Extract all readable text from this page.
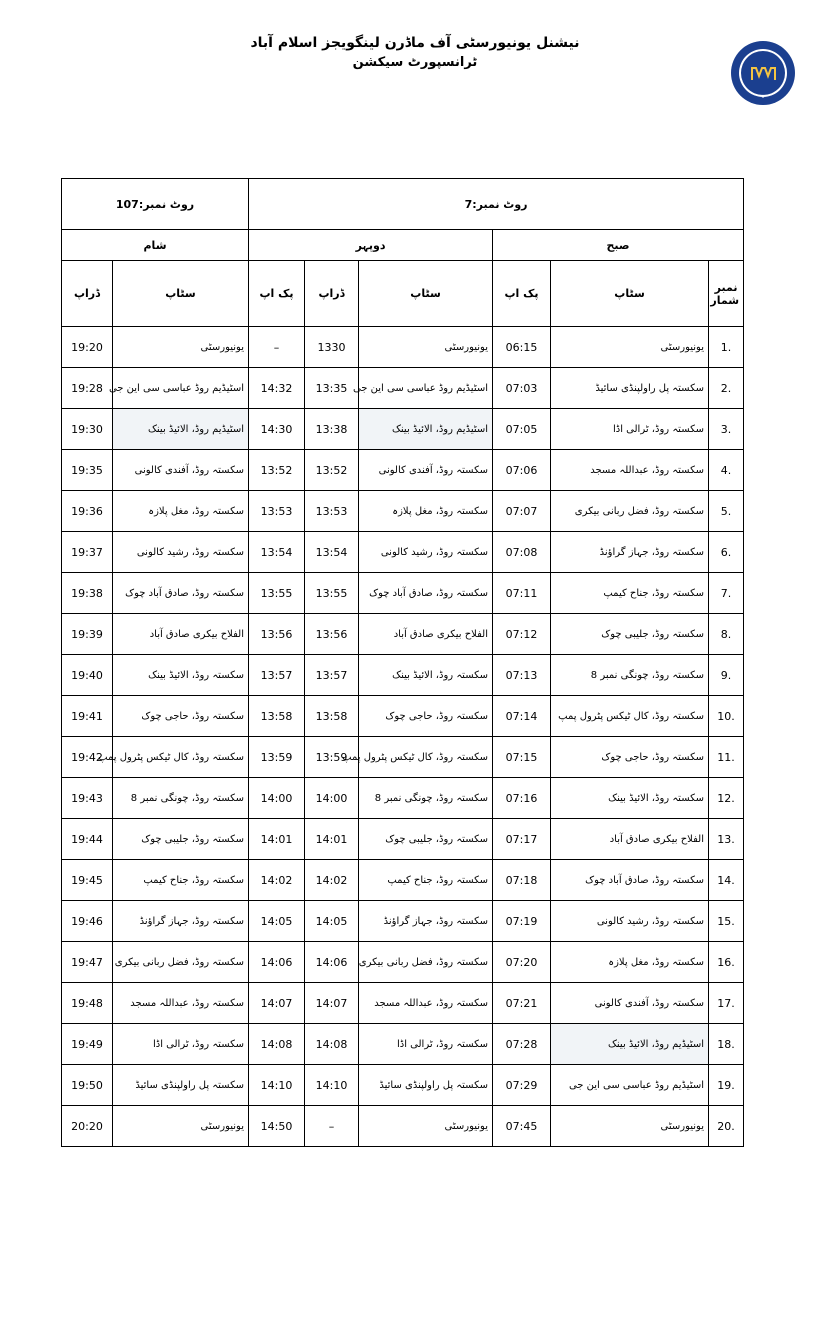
نیشنل یونیورسٹی آف ماڈرن لینگویجز اسلام آباد
ٹرانسپورٹ سیکشن
★
روٹ نمبر:107		روٹ نمبر:7					
شام		دوپہر			صبح		
ڈراپ	سٹاپ	پک اپ	ڈراپ	سٹاپ	پک اپ	سٹاپ	نمبر شمار
19:20	یونیورسٹی	–	1330	یونیورسٹی	06:15	یونیورسٹی	1.
19:28	اسٹیڈیم روڈ عباسی سی این جی	14:32	13:35	اسٹیڈیم روڈ عباسی سی این جی	07:03	سکستہ پل راولپنڈی سائیڈ	2.
19:30	اسٹیڈیم روڈ، الائیڈ بینک	14:30	13:38	اسٹیڈیم روڈ، الائیڈ بینک	07:05	سکستہ روڈ، ٹرالی اڈا	3.
19:35	سکستہ روڈ، آفندی کالونی	13:52	13:52	سکستہ روڈ، آفندی کالونی	07:06	سکستہ روڈ، عبداللہ مسجد	4.
19:36	سکستہ روڈ، مغل پلازہ	13:53	13:53	سکستہ روڈ، مغل پلازہ	07:07	سکستہ روڈ، فضل ربانی بیکری	5.
19:37	سکستہ روڈ، رشید کالونی	13:54	13:54	سکستہ روڈ، رشید کالونی	07:08	سکستہ روڈ، جہاز گراؤنڈ	6.
19:38	سکستہ روڈ، صادق آباد چوک	13:55	13:55	سکستہ روڈ، صادق آباد چوک	07:11	سکستہ روڈ، جناح کیمپ	7.
19:39	الفلاح بیکری صادق آباد	13:56	13:56	الفلاح بیکری صادق آباد	07:12	سکستہ روڈ، جلیبی چوک	8.
19:40	سکستہ روڈ، الائیڈ بینک	13:57	13:57	سکستہ روڈ، الائیڈ بینک	07:13	سکستہ روڈ، چونگی نمبر 8	9.
19:41	سکستہ روڈ، حاجی چوک	13:58	13:58	سکستہ روڈ، حاجی چوک	07:14	سکستہ روڈ، کال ٹیکس پٹرول پمپ	10.
19:42	سکستہ روڈ، کال ٹیکس پٹرول پمپ	13:59	13:59	سکستہ روڈ، کال ٹیکس پٹرول پمپ	07:15	سکستہ روڈ، حاجی چوک	11.
19:43	سکستہ روڈ، چونگی نمبر 8	14:00	14:00	سکستہ روڈ، چونگی نمبر 8	07:16	سکستہ روڈ، الائیڈ بینک	12.
19:44	سکستہ روڈ، جلیبی چوک	14:01	14:01	سکستہ روڈ، جلیبی چوک	07:17	الفلاح بیکری صادق آباد	13.
19:45	سکستہ روڈ، جناح کیمپ	14:02	14:02	سکستہ روڈ، جناح کیمپ	07:18	سکستہ روڈ، صادق آباد چوک	14.
19:46	سکستہ روڈ، جہاز گراؤنڈ	14:05	14:05	سکستہ روڈ، جہاز گراؤنڈ	07:19	سکستہ روڈ، رشید کالونی	15.
19:47	سکستہ روڈ، فضل ربانی بیکری	14:06	14:06	سکستہ روڈ، فضل ربانی بیکری	07:20	سکستہ روڈ، مغل پلازہ	16.
19:48	سکستہ روڈ، عبداللہ مسجد	14:07	14:07	سکستہ روڈ، عبداللہ مسجد	07:21	سکستہ روڈ، آفندی کالونی	17.
19:49	سکستہ روڈ، ٹرالی اڈا	14:08	14:08	سکستہ روڈ، ٹرالی اڈا	07:28	اسٹیڈیم روڈ، الائیڈ بینک	18.
19:50	سکستہ پل راولپنڈی سائیڈ	14:10	14:10	سکستہ پل راولپنڈی سائیڈ	07:29	اسٹیڈیم روڈ عباسی سی این جی	19.
20:20	یونیورسٹی	14:50	–	یونیورسٹی	07:45	یونیورسٹی	20.
